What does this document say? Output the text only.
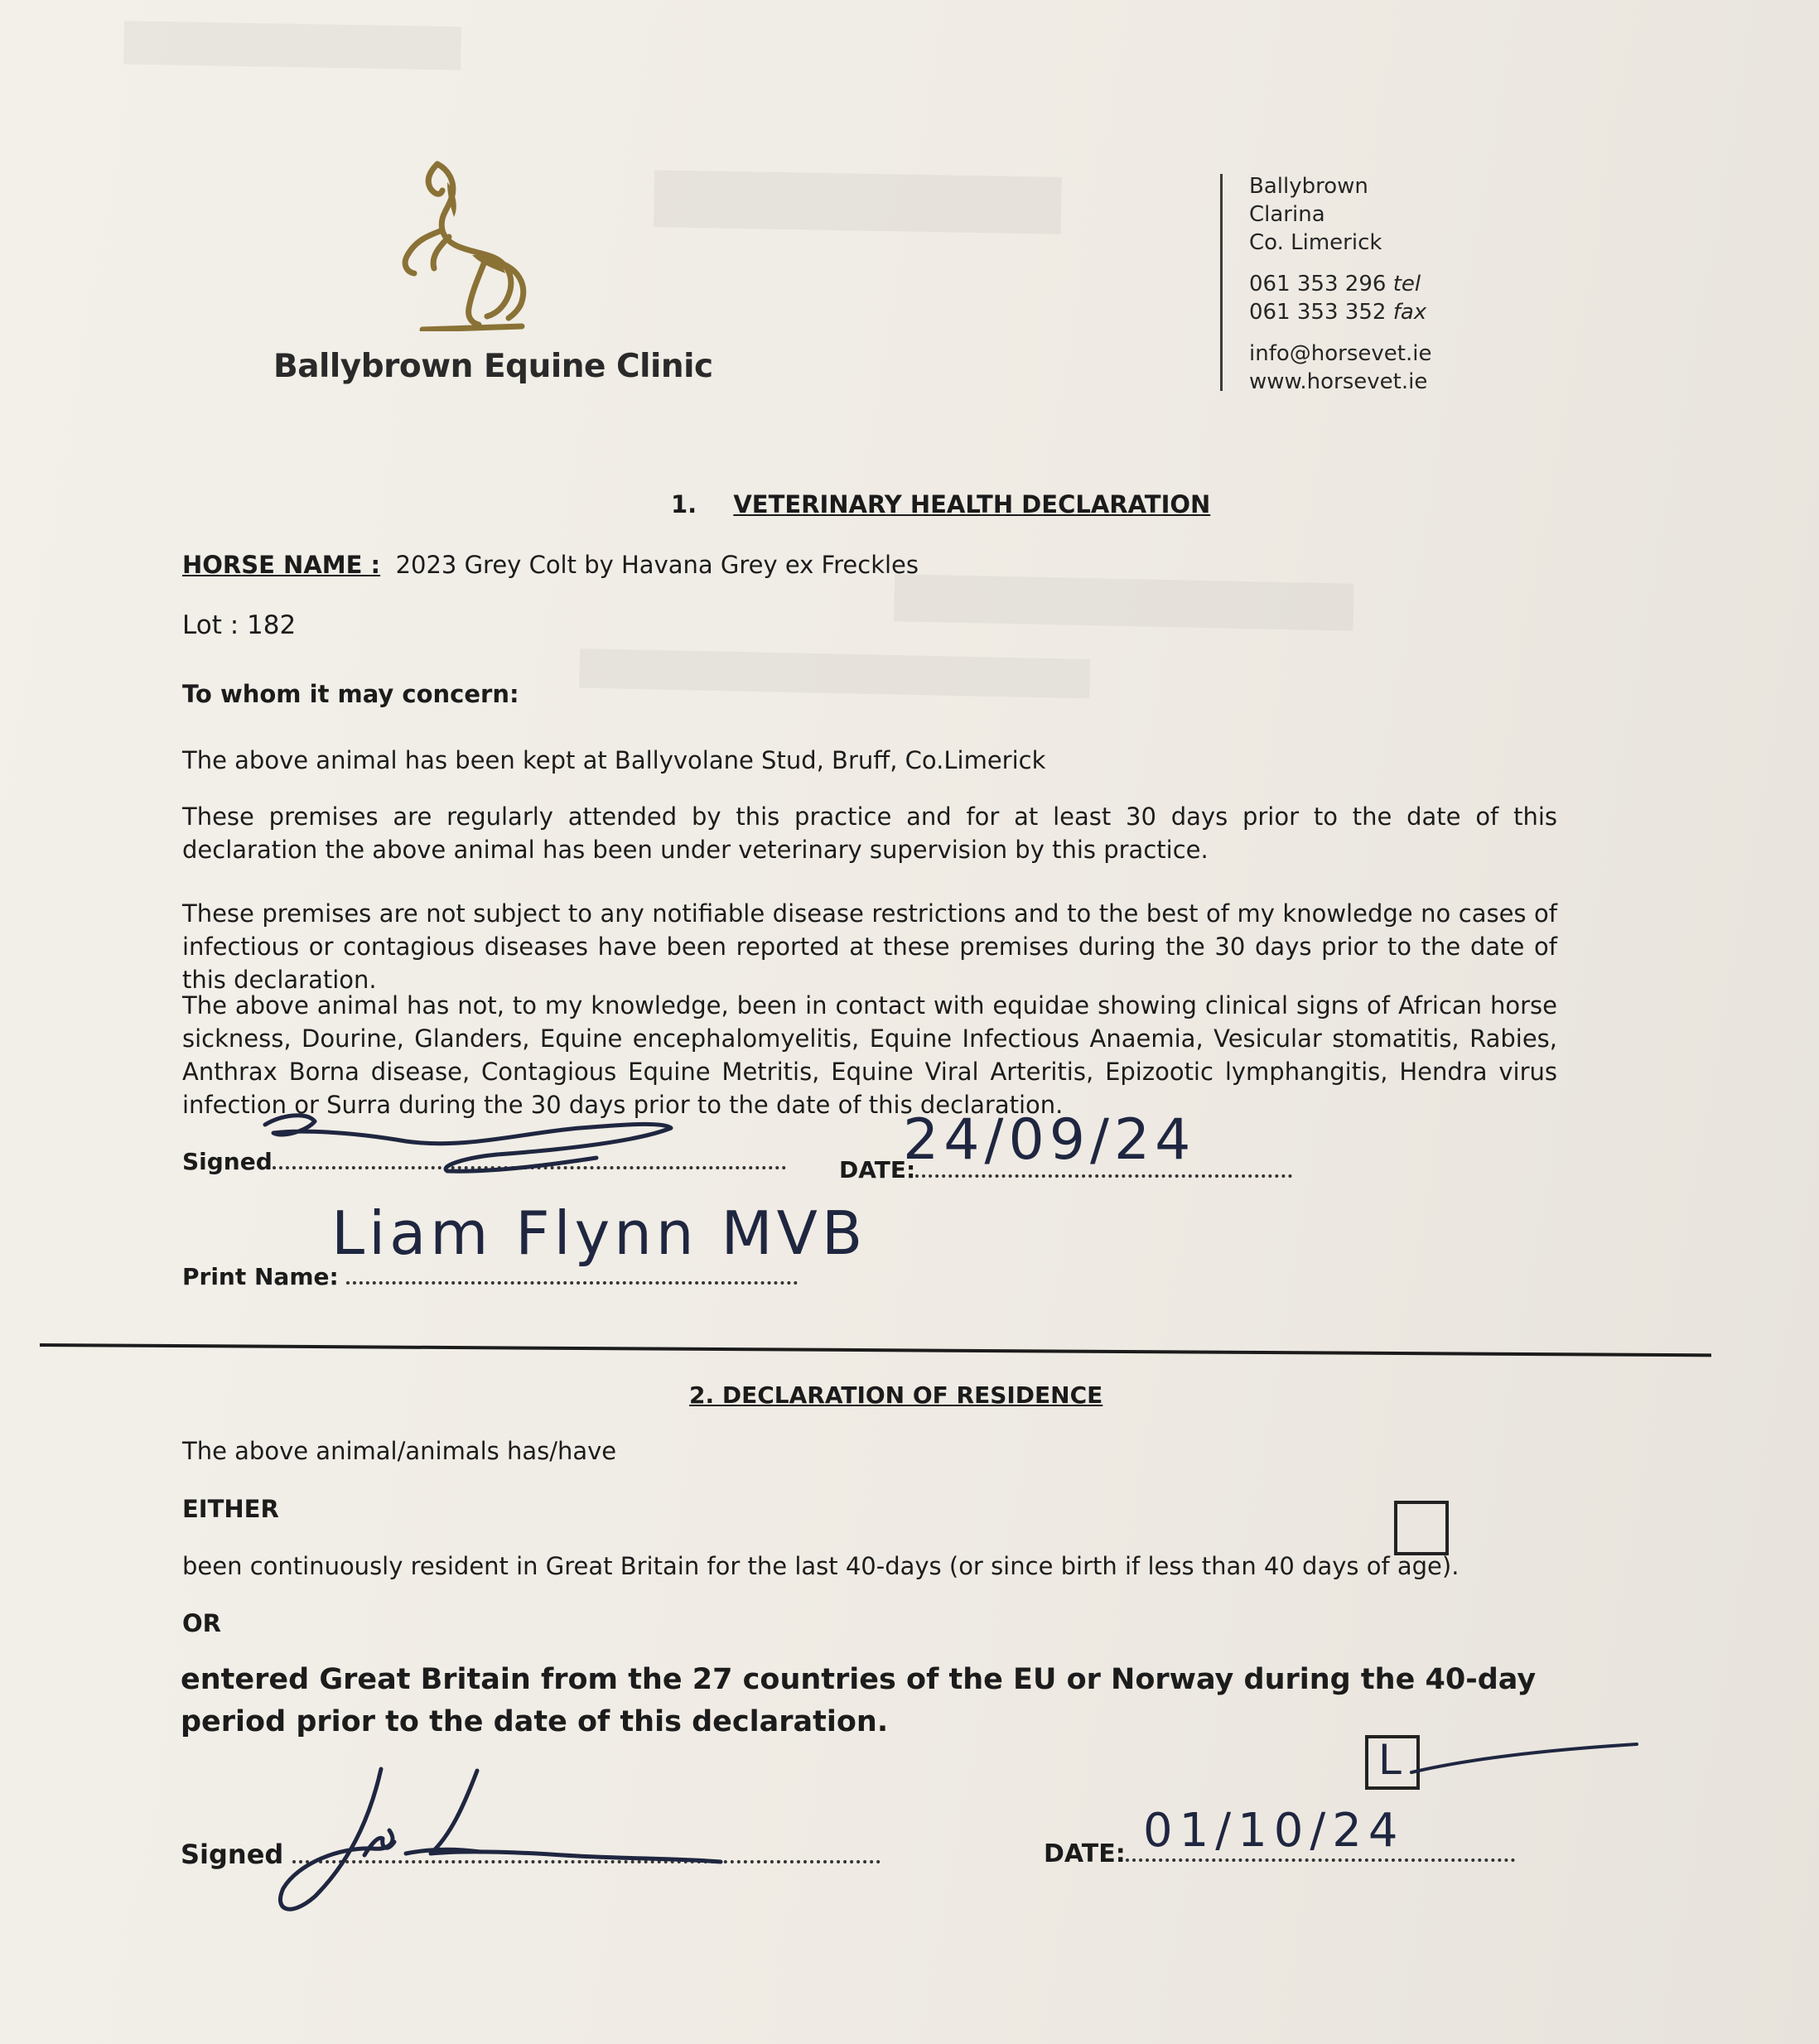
████████████
███████████
███████████████
████████████████████
Ballybrown Equine Clinic
Ballybrown
Clarina
Co. Limerick
061 353 296 tel
061 353 352 fax
info@horsevet.ie
www.horsevet.ie
1. VETERINARY HEALTH DECLARATION
HORSE NAME : 2023 Grey Colt by Havana Grey ex Freckles
Lot : 182
To whom it may concern:
The above animal has been kept at Ballyvolane Stud, Bruff, Co.Limerick
These premises are regularly attended by this practice and for at least 30 days prior to the date of this declaration the above animal has been under veterinary supervision by this practice.
These premises are not subject to any notifiable disease restrictions and to the best of my knowledge no cases of infectious or contagious diseases have been reported at these premises during the 30 days prior to the date of this declaration.
The above animal has not, to my knowledge, been in contact with equidae showing clinical signs of African horse sickness, Dourine, Glanders, Equine encephalomyelitis, Equine Infectious Anaemia, Vesicular stomatitis, Rabies, Anthrax Borna disease, Contagious Equine Metritis, Equine Viral Arteritis, Epizootic lymphangitis, Hendra virus infection or Surra during the 30 days prior to the date of this declaration.
Signed	DATE:
24/09/24
Print Name:
Liam Flynn MVB
2. DECLARATION OF RESIDENCE
The above animal/animals has/have
EITHER
been continuously resident in Great Britain for the last 40-days (or since birth if less than 40 days of age).
OR
entered Great Britain from the 27 countries of the EU or Norway during the 40-day period prior to the date of this declaration.
L
Signed	DATE: 01/10/24
